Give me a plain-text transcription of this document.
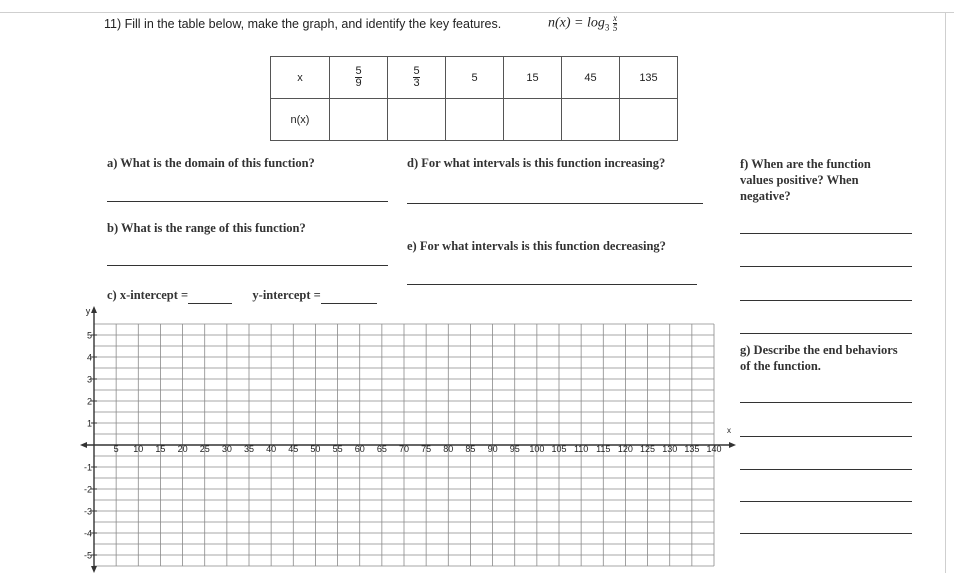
11) Fill in the table below, make the graph, and identify the key features.	$n(x) = \log_3 \frac{x}{5}$
x	$\frac{5}{9}$	$\frac{5}{3}$	5	15	45	135
n(x)						
a) What is the domain of this function?
b) What is the range of this function?
c) x-intercept =	y-intercept =
d) For what intervals is this function increasing?
e) For what intervals is this function decreasing?
f) When are the function values positive? When negative?
g) Describe the end behaviors of the function.
5 10 15 20 25 30 35 40 45 50 55 60 65 70 75 80 85 90 95 100 105 110 115 120 125 130 135 140
5
4
3
2
1
-1
-2
-3
-4
-5
y
x
